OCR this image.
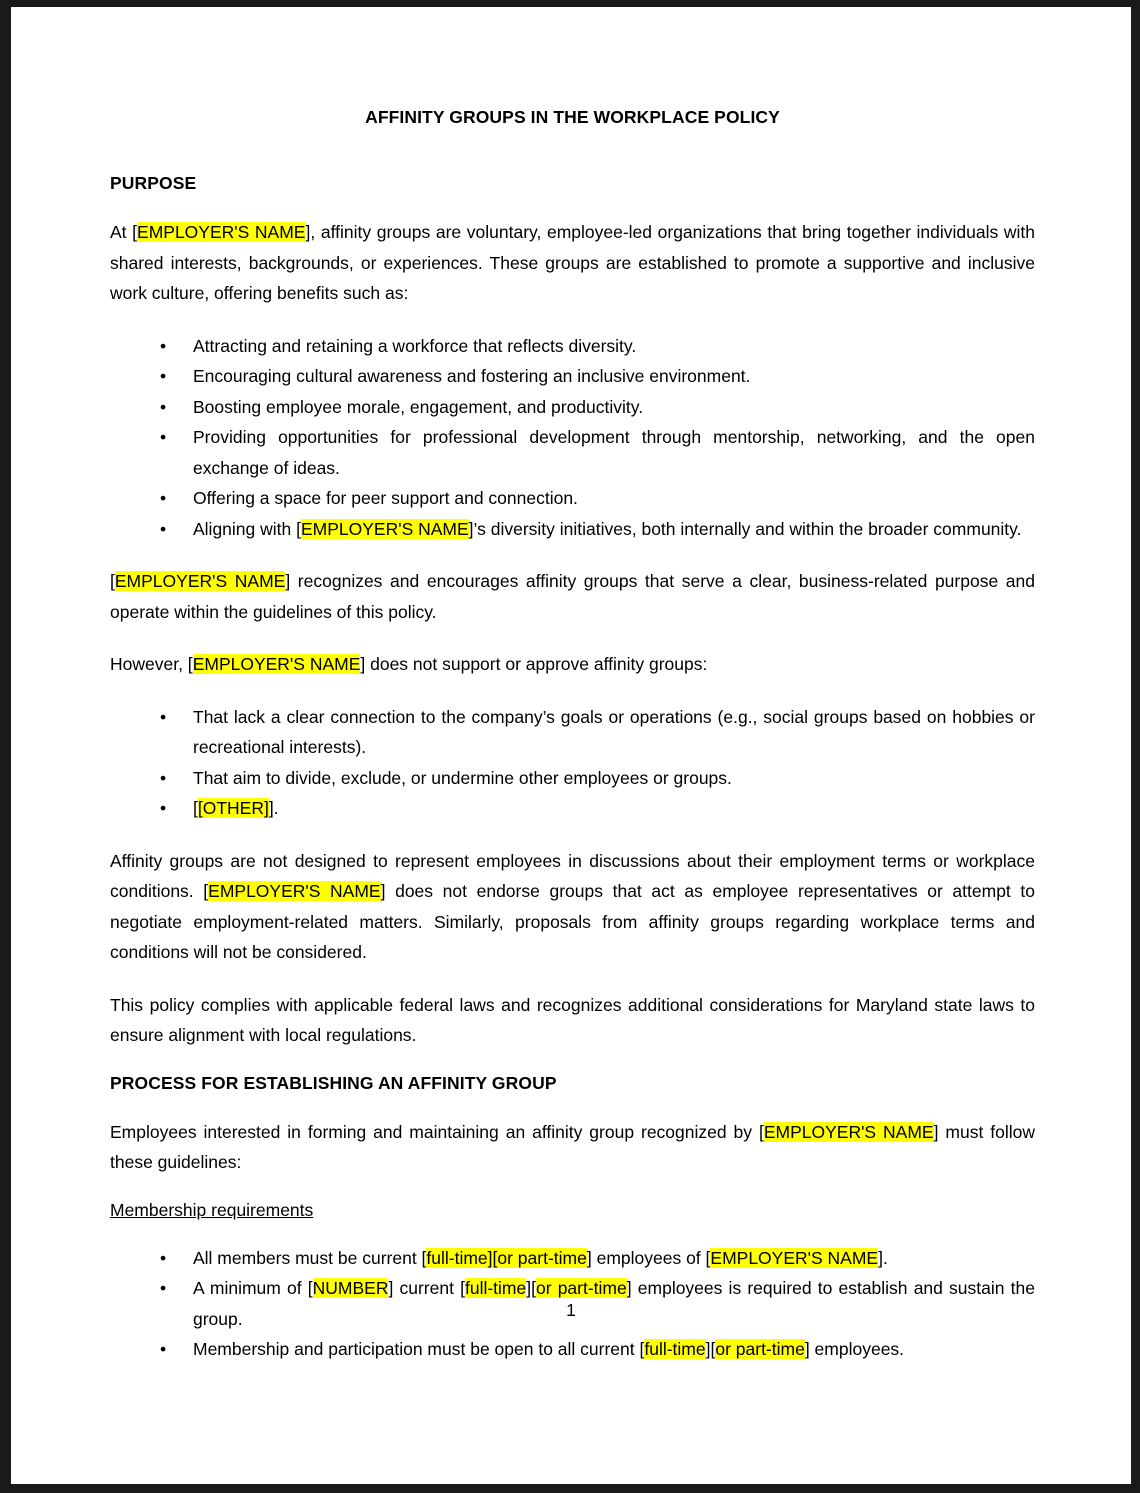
AFFINITY GROUPS IN THE WORKPLACE POLICY
PURPOSE

At [EMPLOYER'S NAME], affinity groups are voluntary, employee-led organizations that bring together individuals with shared interests, backgrounds, or experiences. These groups are established to promote a supportive and inclusive work culture, offering benefits such as:

• Attracting and retaining a workforce that reflects diversity.
• Encouraging cultural awareness and fostering an inclusive environment.
• Boosting employee morale, engagement, and productivity.
• Providing opportunities for professional development through mentorship, networking, and the open exchange of ideas.
• Offering a space for peer support and connection.
• Aligning with [EMPLOYER'S NAME]’s diversity initiatives, both internally and within the broader community.

[EMPLOYER'S NAME] recognizes and encourages affinity groups that serve a clear, business-related purpose and operate within the guidelines of this policy.

However, [EMPLOYER'S NAME] does not support or approve affinity groups:

• That lack a clear connection to the company’s goals or operations (e.g., social groups based on hobbies or recreational interests).
• That aim to divide, exclude, or undermine other employees or groups.
• [[OTHER]].

Affinity groups are not designed to represent employees in discussions about their employment terms or workplace conditions. [EMPLOYER'S NAME] does not endorse groups that act as employee representatives or attempt to negotiate employment-related matters. Similarly, proposals from affinity groups regarding workplace terms and conditions will not be considered.

This policy complies with applicable federal laws and recognizes additional considerations for Maryland state laws to ensure alignment with local regulations.

PROCESS FOR ESTABLISHING AN AFFINITY GROUP

Employees interested in forming and maintaining an affinity group recognized by [EMPLOYER'S NAME] must follow these guidelines:

Membership requirements
• All members must be current [full-time][or part-time] employees of [EMPLOYER'S NAME].
• A minimum of [NUMBER] current [full-time][or part-time] employees is required to establish and sustain the group.
• Membership and participation must be open to all current [full-time][or part-time] employees.
1
